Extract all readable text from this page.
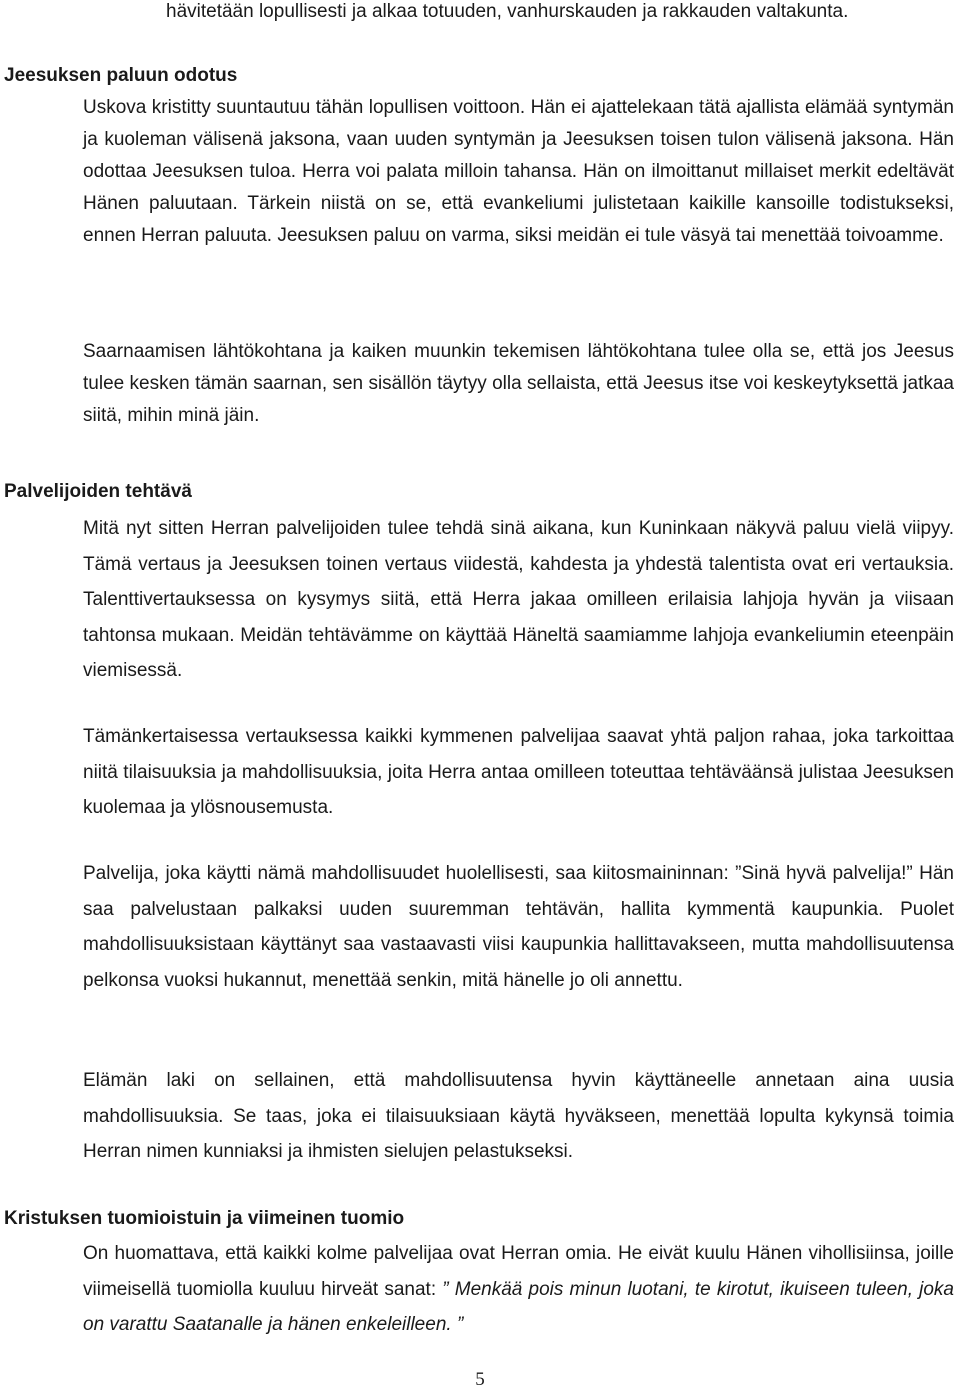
hävitetään lopullisesti ja alkaa totuuden, vanhurskauden ja rakkauden valtakunta.

Jeesuksen paluun odotus

Uskova kristitty suuntautuu tähän lopullisen voittoon. Hän ei ajattelekaan tätä ajallista elämää syntymän ja kuoleman välisenä jaksona, vaan uuden syntymän ja Jeesuksen toisen tulon välisenä jaksona. Hän odottaa Jeesuksen tuloa. Herra voi palata milloin tahansa. Hän on ilmoittanut millaiset merkit edeltävät Hänen paluutaan. Tärkein niistä on se, että evankeliumi julistetaan kaikille kansoille todistukseksi, ennen Herran paluuta. Jeesuksen paluu on varma, siksi meidän ei tule väsyä tai menettää toivoamme.

Saarnaamisen lähtökohtana ja kaiken muunkin tekemisen lähtökohtana tulee olla se, että jos Jeesus tulee kesken tämän saarnan, sen sisällön täytyy olla sellaista, että Jeesus itse voi keskeytyksettä jatkaa siitä, mihin minä jäin.

Palvelijoiden tehtävä

Mitä nyt sitten Herran palvelijoiden tulee tehdä sinä aikana, kun Kuninkaan näkyvä paluu vielä viipyy. Tämä vertaus ja Jeesuksen toinen vertaus viidestä, kahdesta ja yhdestä talentista ovat eri vertauksia. Talenttivertauksessa on kysymys siitä, että Herra jakaa omilleen erilaisia lahjoja hyvän ja viisaan tahtonsa mukaan. Meidän tehtävämme on käyttää Häneltä saamiamme lahjoja evankeliumin eteenpäin viemisessä.

Tämänkertaisessa vertauksessa kaikki kymmenen palvelijaa saavat yhtä paljon rahaa, joka tarkoittaa niitä tilaisuuksia ja mahdollisuuksia, joita Herra antaa omilleen toteuttaa tehtäväänsä julistaa Jeesuksen kuolemaa ja ylösnousemusta.

Palvelija, joka käytti nämä mahdollisuudet huolellisesti, saa kiitosmaininnan: ”Sinä hyvä palvelija!” Hän saa palvelustaan palkaksi uuden suuremman tehtävän, hallita kymmentä kaupunkia. Puolet mahdollisuuksistaan käyttänyt saa vastaavasti viisi kaupunkia hallittavakseen, mutta mahdollisuutensa pelkonsa vuoksi hukannut, menettää senkin, mitä hänelle jo oli annettu.

Elämän laki on sellainen, että mahdollisuutensa hyvin käyttäneelle annetaan aina uusia mahdollisuuksia. Se taas, joka ei tilaisuuksiaan käytä hyväkseen, menettää lopulta kykynsä toimia Herran nimen kunniaksi ja ihmisten sielujen pelastukseksi.

Kristuksen tuomioistuin ja viimeinen tuomio

On huomattava, että kaikki kolme palvelijaa ovat Herran omia. He eivät kuulu Hänen vihollisiinsa, joille viimeisellä tuomiolla kuuluu hirveät sanat: ” Menkää pois minun luotani, te kirotut, ikuiseen tuleen, joka on varattu Saatanalle ja hänen enkeleilleen. ”

5
